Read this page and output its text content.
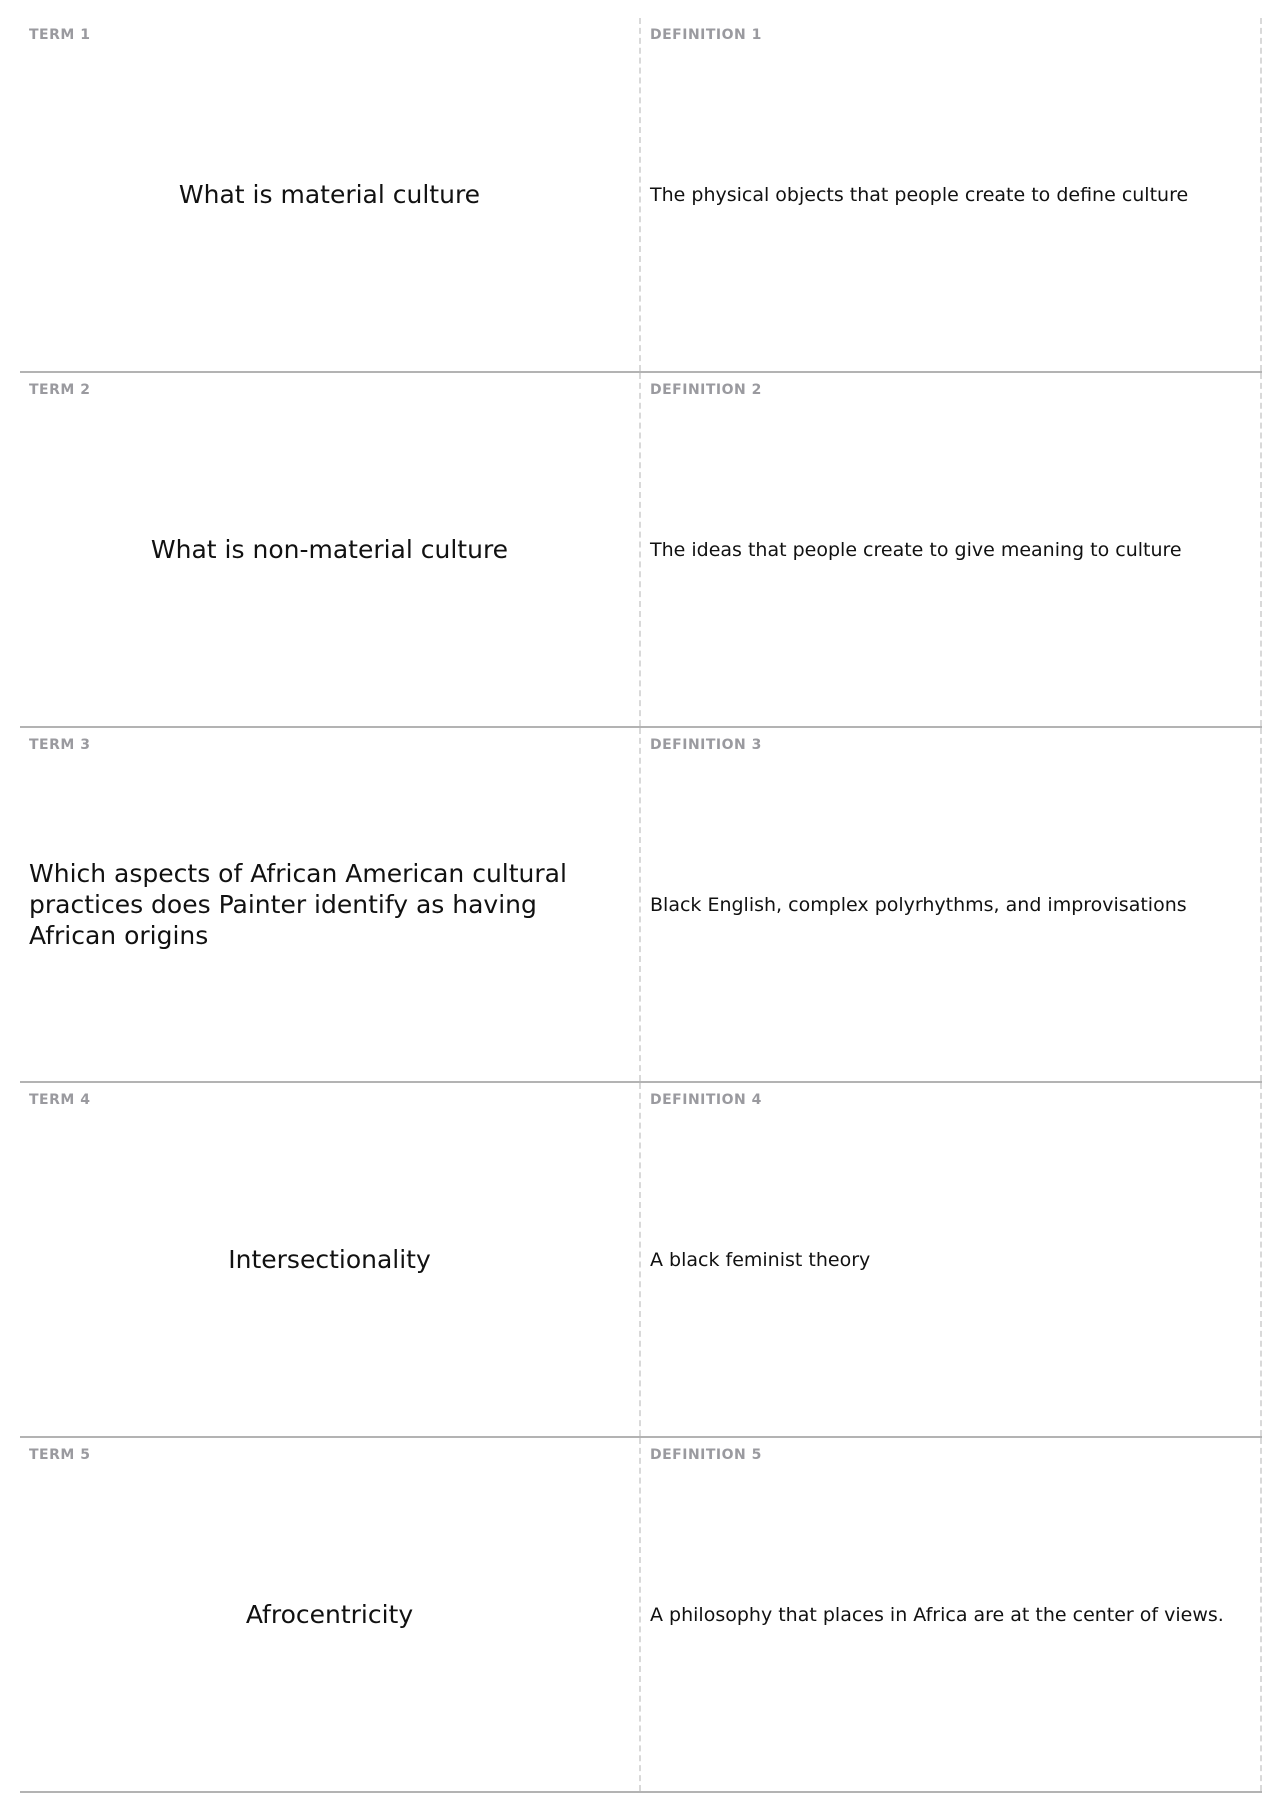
TERM 1
What is material culture
DEFINITION 1
The physical objects that people create to define culture
TERM 2
What is non-material culture
DEFINITION 2
The ideas that people create to give meaning to culture
TERM 3
Which aspects of African American cultural practices does Painter identify as having African origins
DEFINITION 3
Black English, complex polyrhythms, and improvisations
TERM 4
Intersectionality
DEFINITION 4
A black feminist theory
TERM 5
Afrocentricity
DEFINITION 5
A philosophy that places in Africa are at the center of views.
